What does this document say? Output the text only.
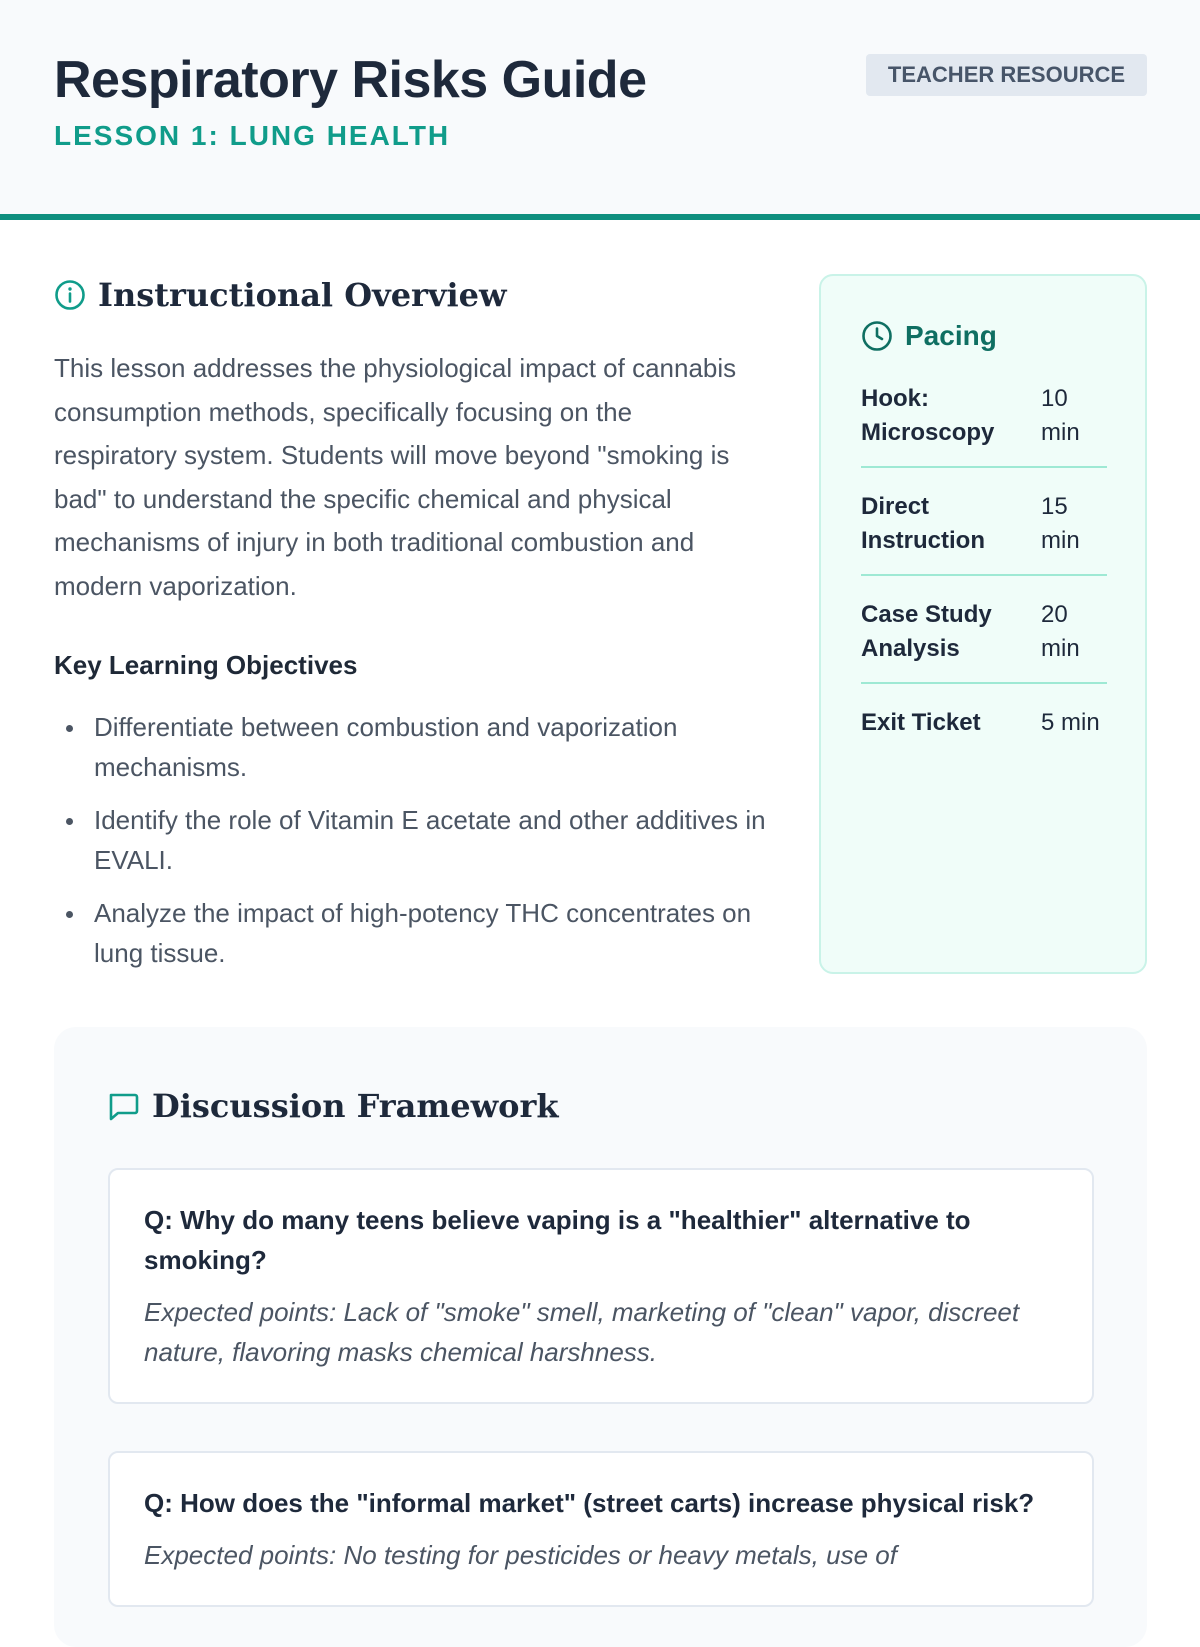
Respiratory Risks Guide
LESSON 1: LUNG HEALTH
TEACHER RESOURCE
Instructional Overview

This lesson addresses the physiological impact of cannabis consumption methods, specifically focusing on the respiratory system. Students will move beyond "smoking is bad" to understand the specific chemical and physical mechanisms of injury in both traditional combustion and modern vaporization.

Key Learning Objectives
Differentiate between combustion and vaporization mechanisms.
Identify the role of Vitamin E acetate and other additives in EVALI.
Analyze the impact of high-potency THC concentrates on lung tissue.
Pacing
Hook: Microscopy
10 min
Direct Instruction
15 min
Case Study Analysis
20 min
Exit Ticket	5 min
Discussion Framework
Q: Why do many teens believe vaping is a "healthier" alternative to smoking?
Expected points: Lack of "smoke" smell, marketing of "clean" vapor, discreet nature, flavoring masks chemical harshness.
Q: How does the "informal market" (street carts) increase physical risk?
Expected points: No testing for pesticides or heavy metals, use of
